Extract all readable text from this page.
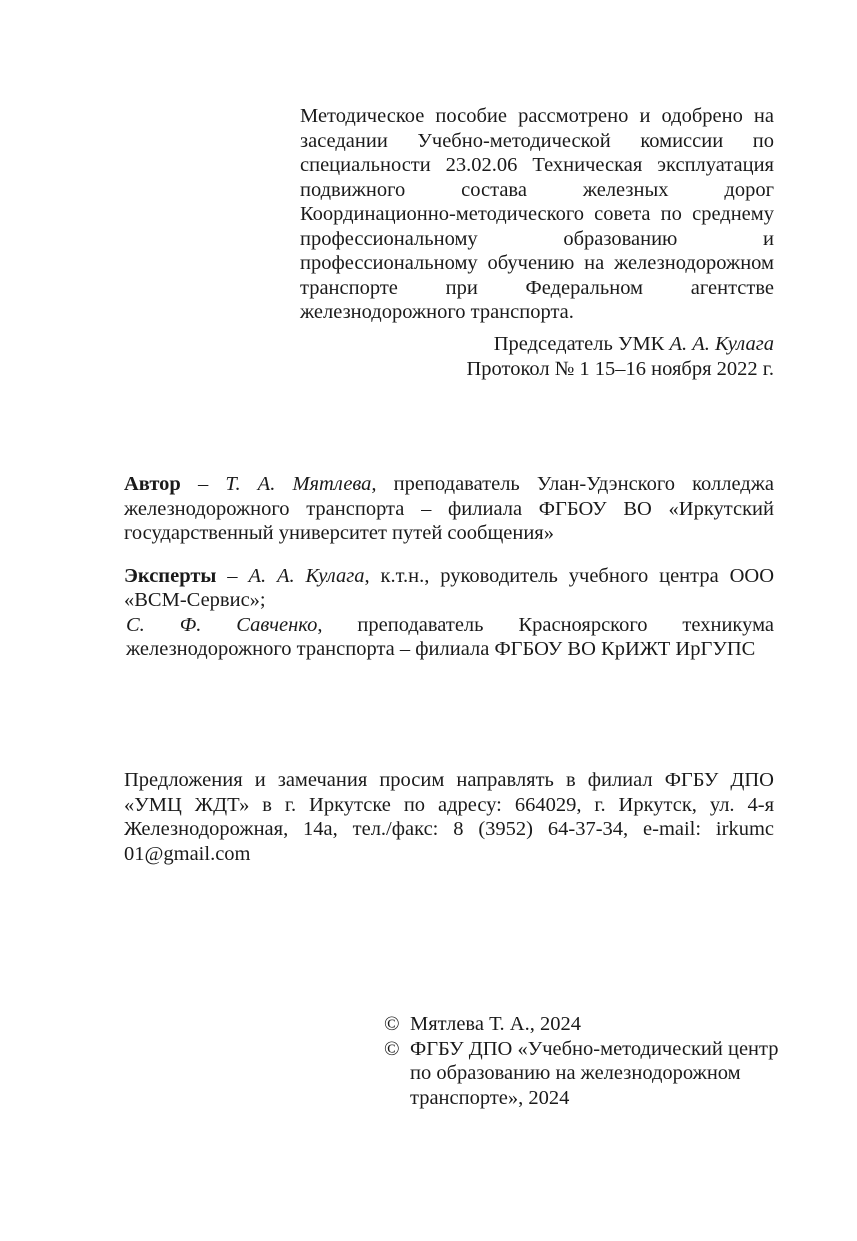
Методическое пособие рассмотрено и одобрено на заседании Учебно-методической комиссии по специальности 23.02.06 Техническая эксплуатация подвижного состава железных дорог Координационно-методического совета по среднему профессиональному образованию и профессиональному обучению на железнодорожном транспорте при Федеральном агентстве железнодорожного транспорта.

Председатель УМК А. А. Кулага
Протокол № 1 15–16 ноября 2022 г.

Автор – Т. А. Мятлева, преподаватель Улан-Удэнского колледжа железнодорожного транспорта – филиала ФГБОУ ВО «Иркутский государственный университет путей сообщения»

Эксперты – А. А. Кулага, к.т.н., руководитель учебного центра ООО «ВСМ-Сервис»;

С. Ф. Савченко, преподаватель Красноярского техникума железнодорожного транспорта – филиала ФГБОУ ВО КрИЖТ ИрГУПС

Предложения и замечания просим направлять в филиал ФГБУ ДПО «УМЦ ЖДТ» в г. Иркутске по адресу: 664029, г. Иркутск, ул. 4-я Железнодорожная, 14а, тел./факс: 8 (3952) 64-37-34, e-mail: irkumc 01@gmail.com

© Мятлева Т. А., 2024
© ФГБУ ДПО «Учебно-методический центр по образованию на железнодорожном транспорте», 2024
